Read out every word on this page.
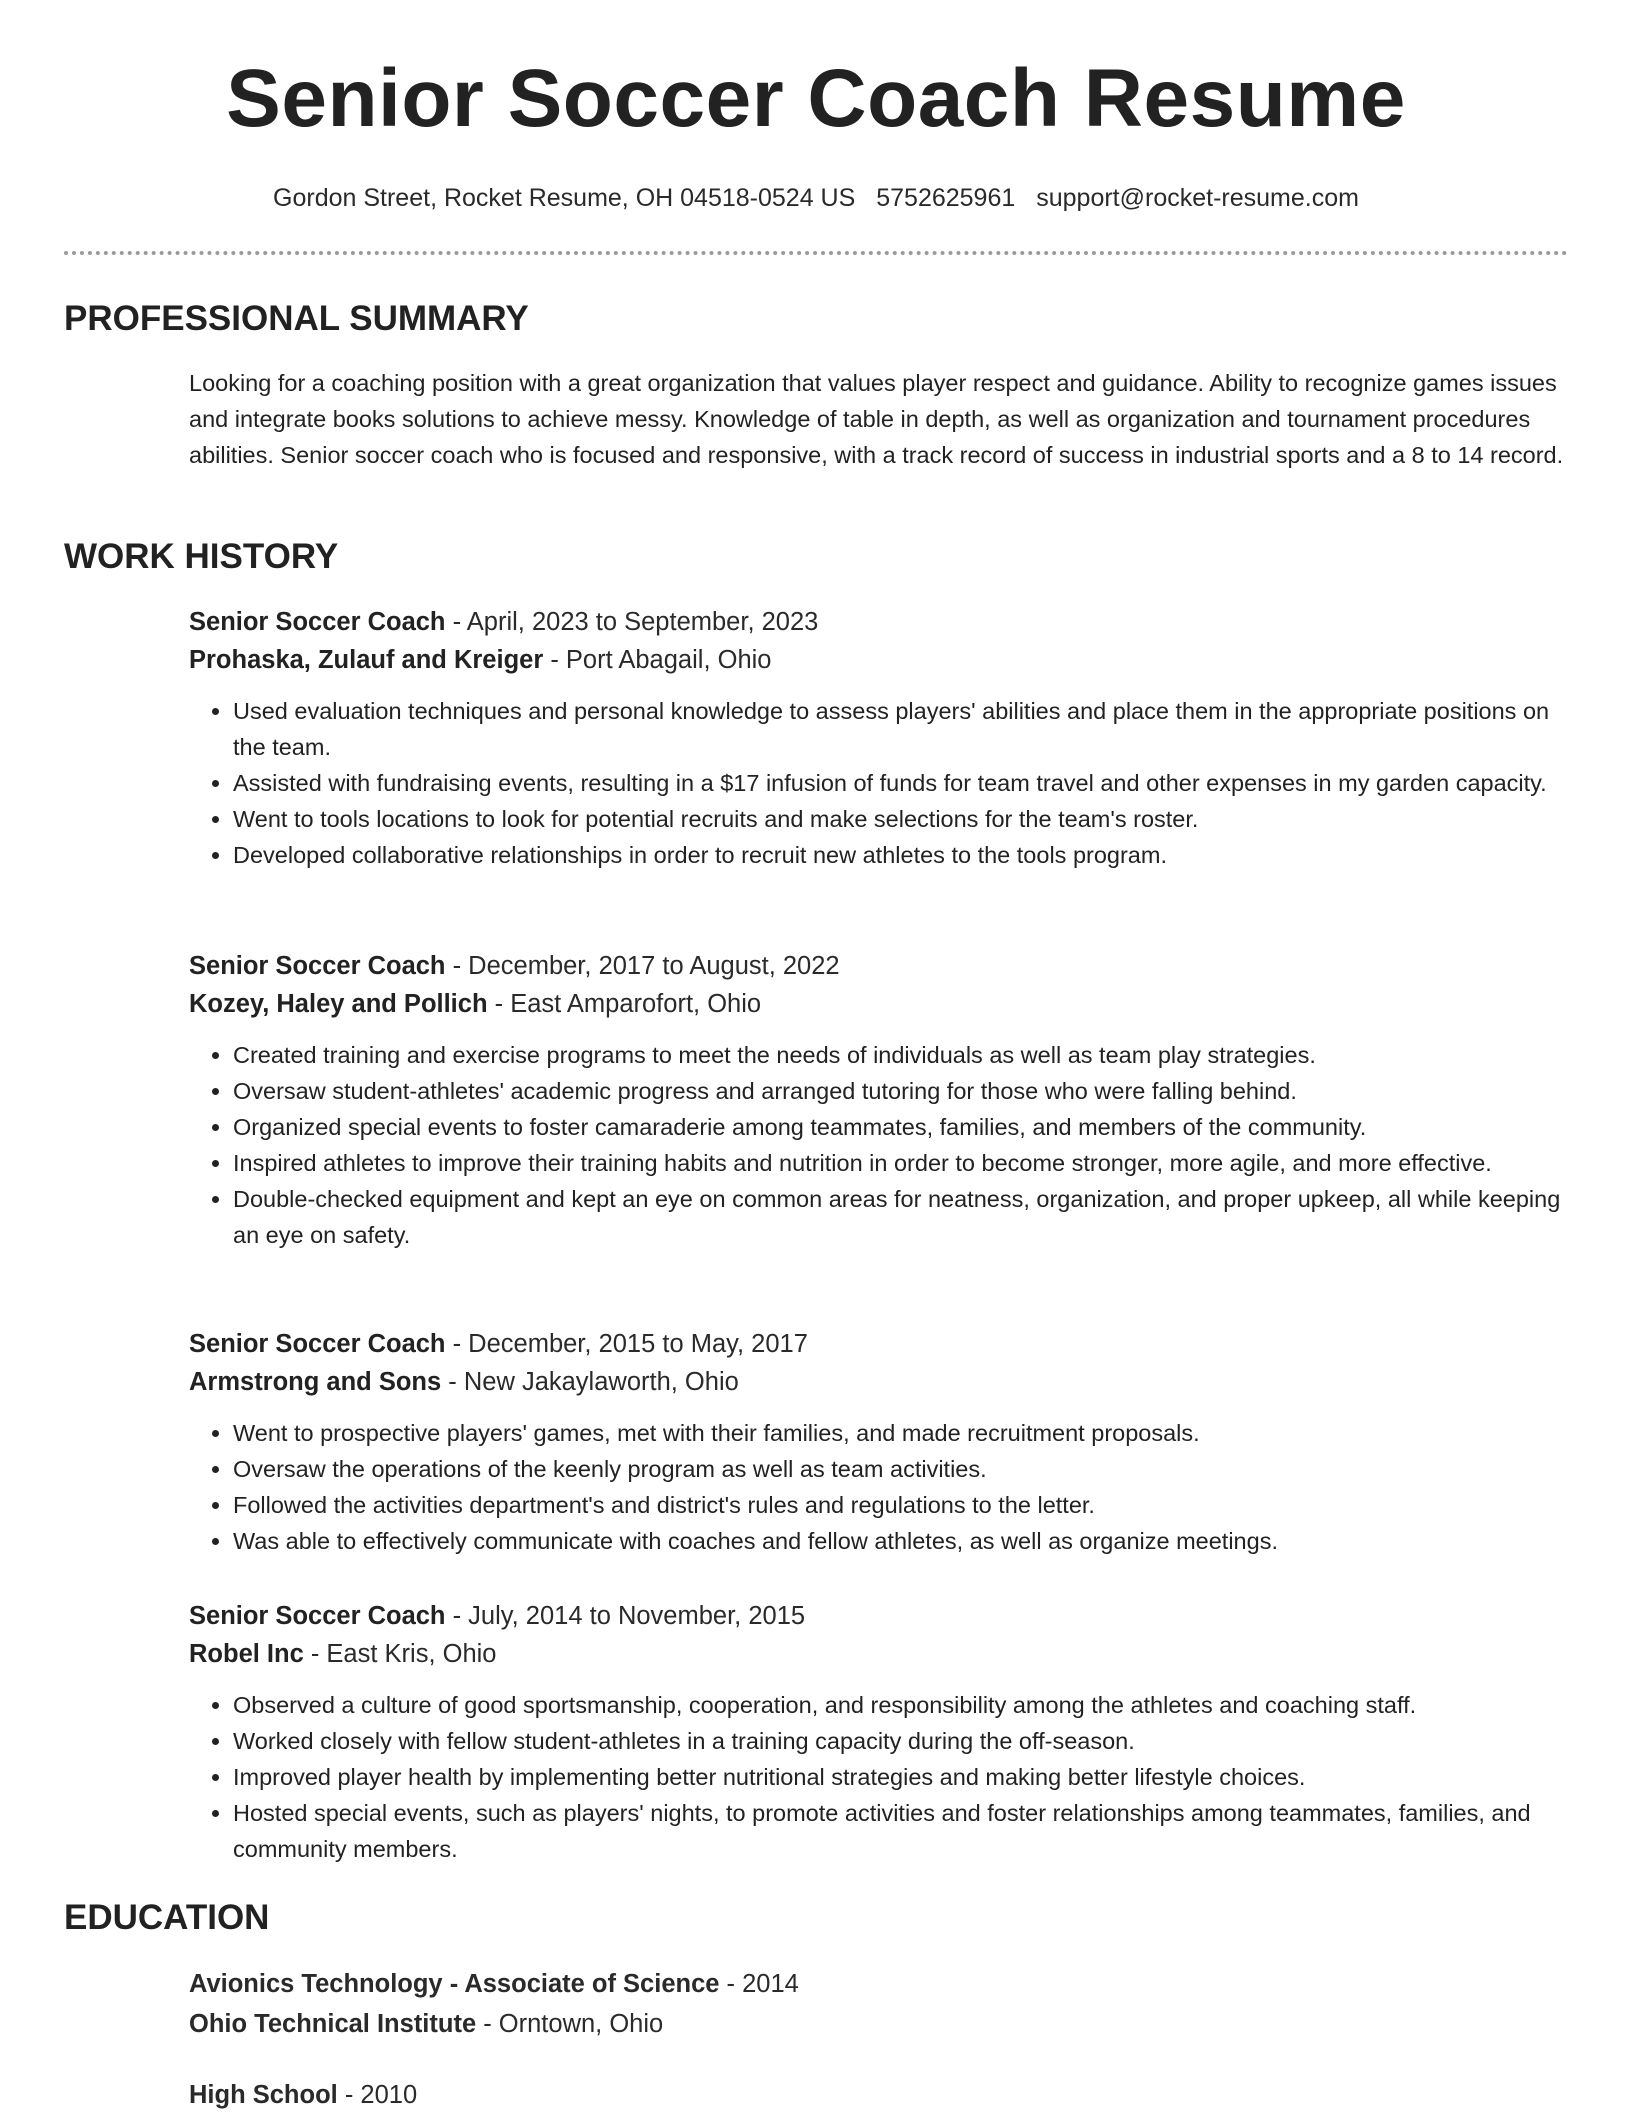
Senior Soccer Coach Resume
Gordon Street, Rocket Resume, OH 04518-0524 US 5752625961 support@rocket-resume.com
PROFESSIONAL SUMMARY

Looking for a coaching position with a great organization that values player respect and guidance. Ability to recognize games issues and integrate books solutions to achieve messy. Knowledge of table in depth, as well as organization and tournament procedures abilities. Senior soccer coach who is focused and responsive, with a track record of success in industrial sports and a 8 to 14 record.

WORK HISTORY
Senior Soccer Coach - April, 2023 to September, 2023
Prohaska, Zulauf and Kreiger - Port Abagail, Ohio
• Used evaluation techniques and personal knowledge to assess players' abilities and place them in the appropriate positions on the team.
• Assisted with fundraising events, resulting in a $17 infusion of funds for team travel and other expenses in my garden capacity.
• Went to tools locations to look for potential recruits and make selections for the team's roster.
• Developed collaborative relationships in order to recruit new athletes to the tools program.
Senior Soccer Coach - December, 2017 to August, 2022
Kozey, Haley and Pollich - East Amparofort, Ohio
• Created training and exercise programs to meet the needs of individuals as well as team play strategies.
• Oversaw student-athletes' academic progress and arranged tutoring for those who were falling behind.
• Organized special events to foster camaraderie among teammates, families, and members of the community.
• Inspired athletes to improve their training habits and nutrition in order to become stronger, more agile, and more effective.
• Double-checked equipment and kept an eye on common areas for neatness, organization, and proper upkeep, all while keeping an eye on safety.
Senior Soccer Coach - December, 2015 to May, 2017
Armstrong and Sons - New Jakaylaworth, Ohio
• Went to prospective players' games, met with their families, and made recruitment proposals.
• Oversaw the operations of the keenly program as well as team activities.
• Followed the activities department's and district's rules and regulations to the letter.
• Was able to effectively communicate with coaches and fellow athletes, as well as organize meetings.
Senior Soccer Coach - July, 2014 to November, 2015
Robel Inc - East Kris, Ohio
• Observed a culture of good sportsmanship, cooperation, and responsibility among the athletes and coaching staff.
• Worked closely with fellow student-athletes in a training capacity during the off-season.
• Improved player health by implementing better nutritional strategies and making better lifestyle choices.
• Hosted special events, such as players' nights, to promote activities and foster relationships among teammates, families, and community members.
EDUCATION
Avionics Technology - Associate of Science - 2014
Ohio Technical Institute - Orntown, Ohio
High School - 2010
